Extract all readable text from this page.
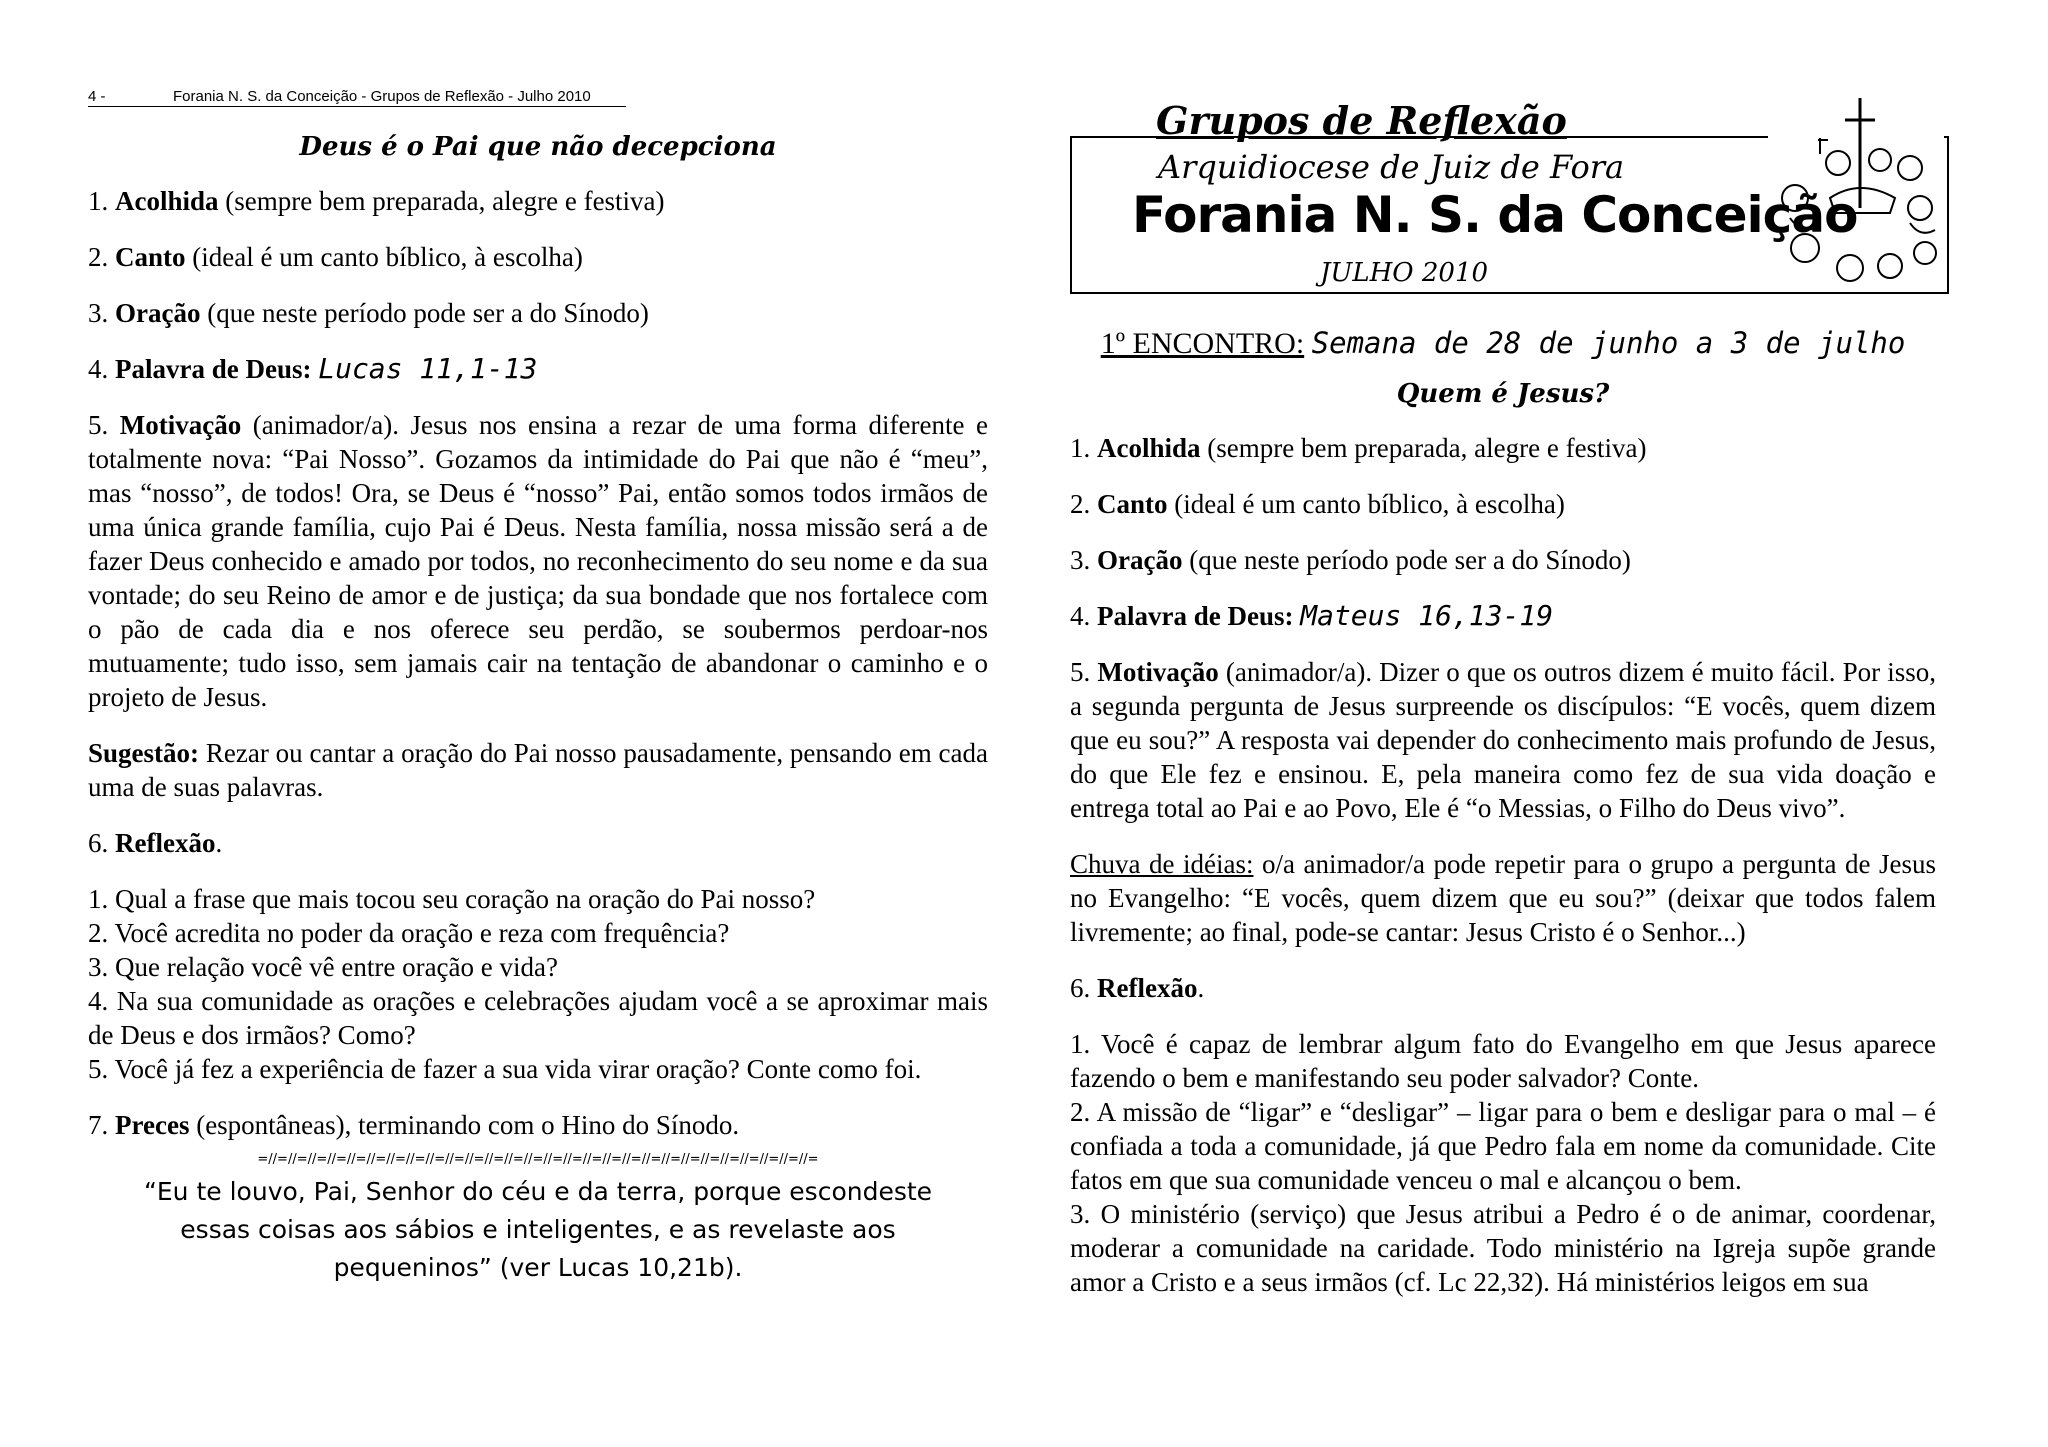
4 -	Forania N. S. da Conceição - Grupos de Reflexão - Julho 2010
Deus é o Pai que não decepciona

1. Acolhida (sempre bem preparada, alegre e festiva)

2. Canto (ideal é um canto bíblico, à escolha)

3. Oração (que neste período pode ser a do Sínodo)

4. Palavra de Deus: Lucas 11,1-13

5. Motivação (animador/a). Jesus nos ensina a rezar de uma forma diferente e totalmente nova: “Pai Nosso”. Gozamos da intimidade do Pai que não é “meu”, mas “nosso”, de todos! Ora, se Deus é “nosso” Pai, então somos todos irmãos de uma única grande família, cujo Pai é Deus. Nesta família, nossa missão será a de fazer Deus conhecido e amado por todos, no reconhecimento do seu nome e da sua vontade; do seu Reino de amor e de justiça; da sua bondade que nos fortalece com o pão de cada dia e nos oferece seu perdão, se soubermos perdoar-nos mutuamente; tudo isso, sem jamais cair na tentação de abandonar o caminho e o projeto de Jesus.

Sugestão: Rezar ou cantar a oração do Pai nosso pausadamente, pensando em cada uma de suas palavras.

6. Reflexão.

1. Qual a frase que mais tocou seu coração na oração do Pai nosso?

2. Você acredita no poder da oração e reza com frequência?

3. Que relação você vê entre oração e vida?

4. Na sua comunidade as orações e celebrações ajudam você a se aproximar mais de Deus e dos irmãos? Como?

5. Você já fez a experiência de fazer a sua vida virar oração? Conte como foi.

7. Preces (espontâneas), terminando com o Hino do Sínodo.

=//=//=//=//=//=//=//=//=//=//=//=//=//=//=//=//=//=//=//=//=//=//=//=//=//=//=//=//=
“Eu te louvo, Pai, Senhor do céu e da terra, porque escondeste essas coisas aos sábios e inteligentes, e as revelaste aos pequeninos” (ver Lucas 10,21b).
Grupos de Reflexão
Arquidiocese de Juiz de Fora
Forania N. S. da Conceição
JULHO 2010
1º ENCONTRO: Semana de 28 de junho a 3 de julho
Quem é Jesus?

1. Acolhida (sempre bem preparada, alegre e festiva)

2. Canto (ideal é um canto bíblico, à escolha)

3. Oração (que neste período pode ser a do Sínodo)

4. Palavra de Deus: Mateus 16,13-19

5. Motivação (animador/a). Dizer o que os outros dizem é muito fácil. Por isso, a segunda pergunta de Jesus surpreende os discípulos: “E vocês, quem dizem que eu sou?” A resposta vai depender do conhecimento mais profundo de Jesus, do que Ele fez e ensinou. E, pela maneira como fez de sua vida doação e entrega total ao Pai e ao Povo, Ele é “o Messias, o Filho do Deus vivo”.

Chuva de idéias: o/a animador/a pode repetir para o grupo a pergunta de Jesus no Evangelho: “E vocês, quem dizem que eu sou?” (deixar que todos falem livremente; ao final, pode-se cantar: Jesus Cristo é o Senhor...)

6. Reflexão.

1. Você é capaz de lembrar algum fato do Evangelho em que Jesus aparece fazendo o bem e manifestando seu poder salvador? Conte.

2. A missão de “ligar” e “desligar” – ligar para o bem e desligar para o mal – é confiada a toda a comunidade, já que Pedro fala em nome da comunidade. Cite fatos em que sua comunidade venceu o mal e alcançou o bem.

3. O ministério (serviço) que Jesus atribui a Pedro é o de animar, coordenar, moderar a comunidade na caridade. Todo ministério na Igreja supõe grande amor a Cristo e a seus irmãos (cf. Lc 22,32). Há ministérios leigos em sua
